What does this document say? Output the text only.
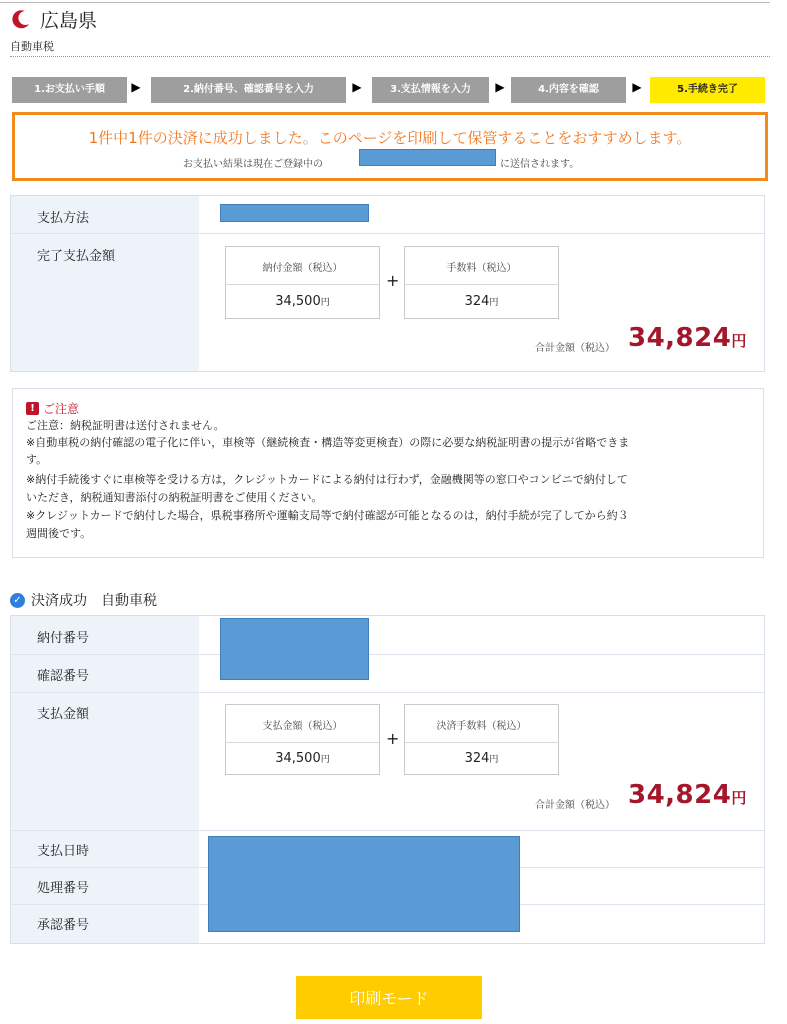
広島県
自動車税
1.お支払い手順	▶	2.納付番号、確認番号を入力	▶	3.支払情報を入力	▶	4.内容を確認	▶	5.手続き完了
1件中1件の決済に成功しました。このページを印刷して保管することをおすすめします。
お支払い結果は現在ご登録中の	に送信されます。
支払方法
完了支払金額
納付金額（税込）
34,500円
+
手数料（税込）
324円
合計金額（税込） 34,824円
! ご注意
ご注意：納税証明書は送付されません。
※自動車税の納付確認の電子化に伴い，車検等（継続検査・構造等変更検査）の際に必要な納税証明書の提示が省略できま
す。
※納付手続後すぐに車検等を受ける方は，クレジットカードによる納付は行わず，金融機関等の窓口やコンビニで納付して
いただき，納税通知書添付の納税証明書をご使用ください。
※クレジットカードで納付した場合，県税事務所や運輸支局等で納付確認が可能となるのは，納付手続が完了してから約３
週間後です。
✓ 決済成功　 自動車税
納付番号
確認番号
支払金額
支払金額（税込）
34,500円
+
決済手数料（税込）
324円
合計金額（税込） 34,824円
支払日時
処理番号
承認番号
印刷モード
